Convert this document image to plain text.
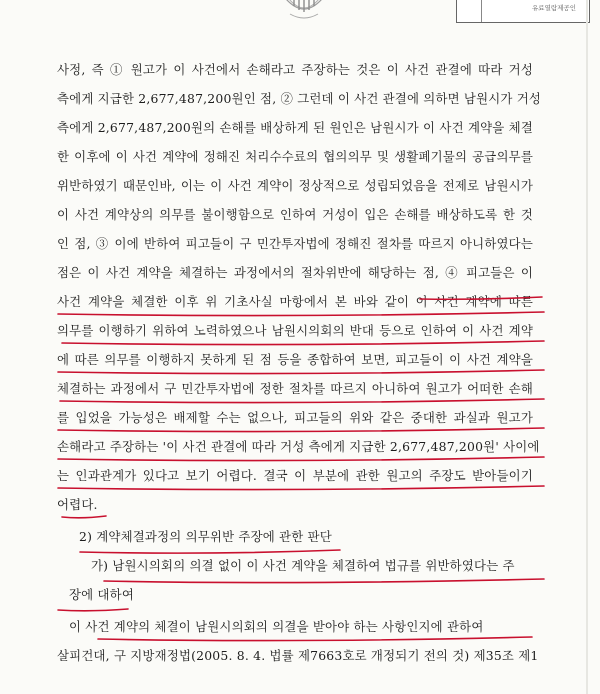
유료열람제공인
사정, 즉 ① 원고가 이 사건에서 손해라고 주장하는 것은 이 사건 관결에 따라 거성
측에게 지급한 2,677,487,200원인 점, ② 그런데 이 사건 관결에 의하면 남원시가 거성
측에게 2,677,487,200원의 손해를 배상하게 된 원인은 남원시가 이 사건 계약을 체결
한 이후에 이 사건 계약에 정해진 처리수수료의 협의의무 및 생활폐기물의 공급의무를
위반하였기 때문인바, 이는 이 사건 계약이 정상적으로 성립되었음을 전제로 남원시가
이 사건 계약상의 의무를 불이행함으로 인하여 거성이 입은 손해를 배상하도록 한 것
인 점, ③ 이에 반하여 피고들이 구 민간투자법에 정해진 절차를 따르지 아니하였다는
점은 이 사건 계약을 체결하는 과정에서의 절차위반에 해당하는 점, ④ 피고들은 이
사건 계약을 체결한 이후 위 기초사실 마항에서 본 바와 같이 이 사건 계약에 따른
의무를 이행하기 위하여 노력하였으나 남원시의회의 반대 등으로 인하여 이 사건 계약
에 따른 의무를 이행하지 못하게 된 점 등을 종합하여 보면, 피고들이 이 사건 계약을
체결하는 과정에서 구 민간투자법에 정한 절차를 따르지 아니하여 원고가 어떠한 손해
를 입었을 가능성은 배제할 수는 없으나, 피고들의 위와 같은 중대한 과실과 원고가
손해라고 주장하는 '이 사건 관결에 따라 거성 측에게 지급한 2,677,487,200원' 사이에
는 인과관계가 있다고 보기 어렵다. 결국 이 부분에 관한 원고의 주장도 받아들이기
어렵다.
2) 계약체결과정의 의무위반 주장에 관한 판단
가) 남원시의회의 의결 없이 이 사건 계약을 체결하여 법규를 위반하였다는 주
장에 대하여
이 사건 계약의 체결이 남원시의회의 의결을 받아야 하는 사항인지에 관하여
살피건대, 구 지방재정법(2005. 8. 4. 법률 제7663호로 개정되기 전의 것) 제35조 제1
